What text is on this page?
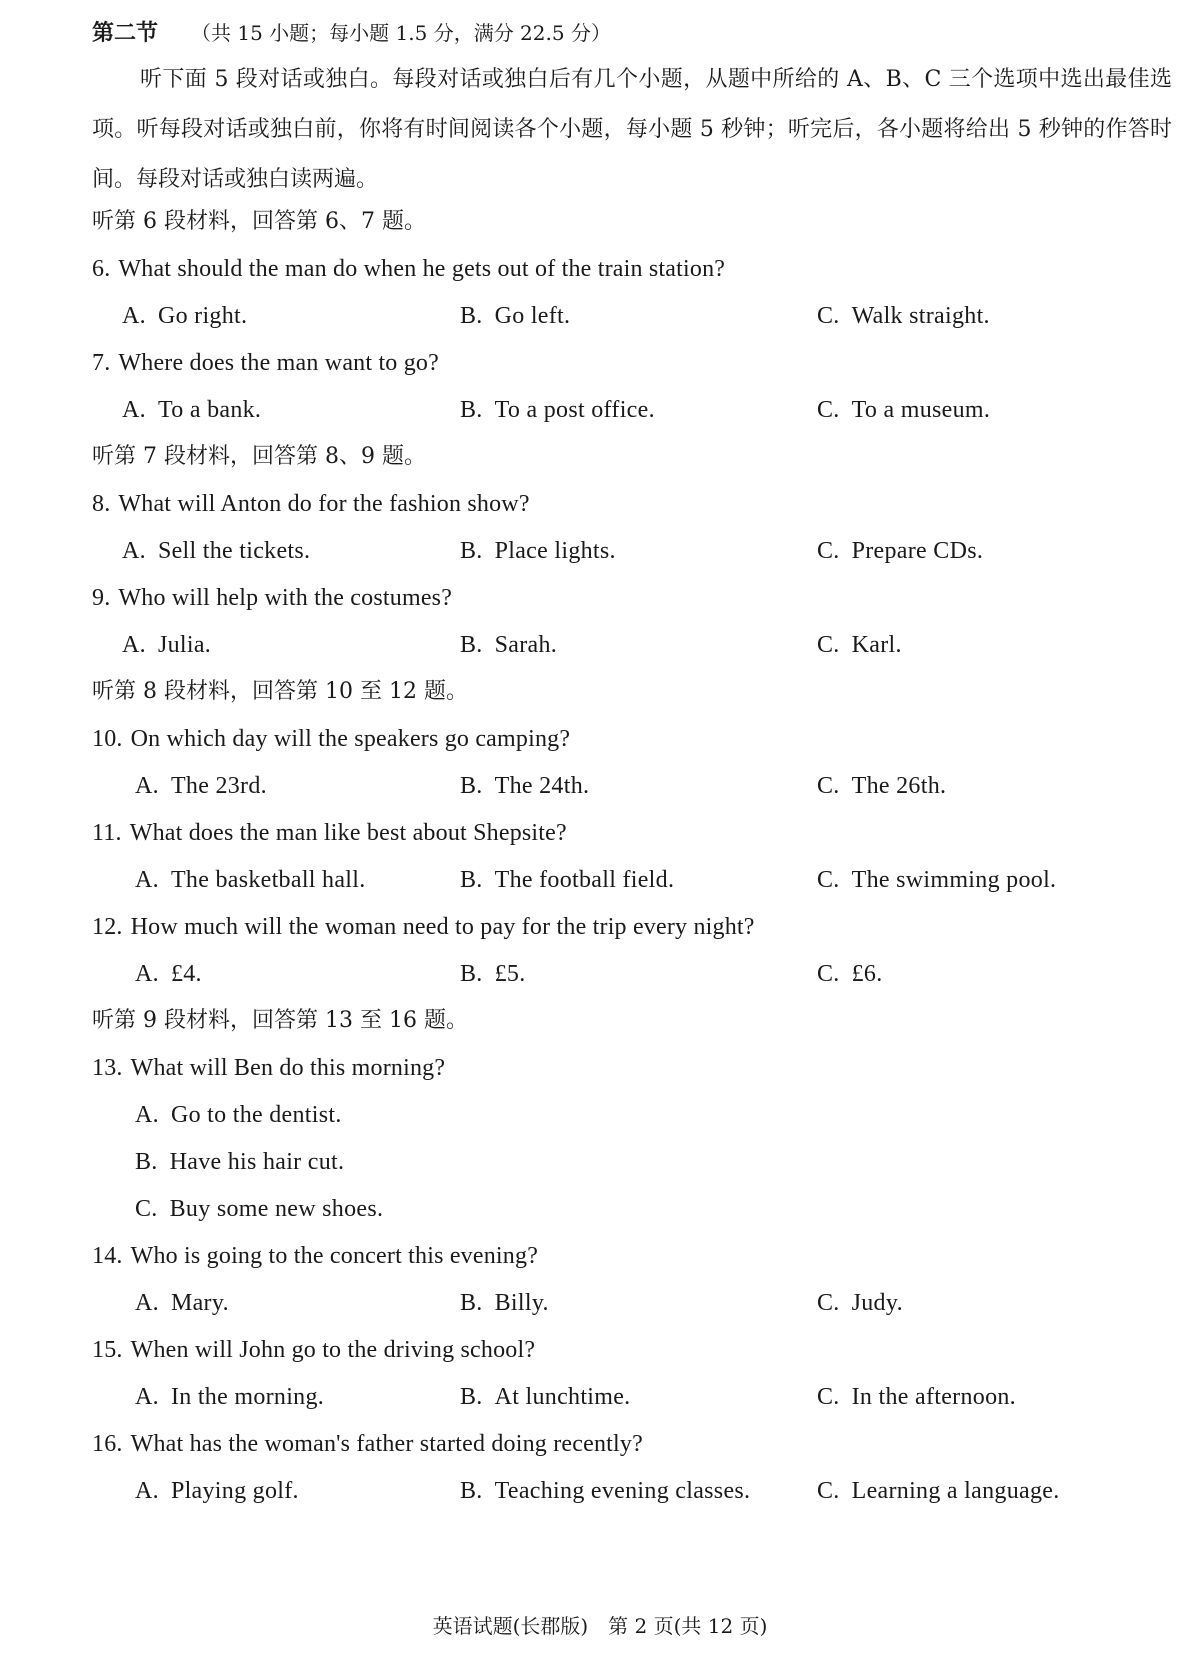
第二节 （共 15 小题；每小题 1.5 分，满分 22.5 分）
听下面 5 段对话或独白。每段对话或独白后有几个小题，从题中所给的 A、B、C 三个选项中选出最佳选项。听每段对话或独白前，你将有时间阅读各个小题，每小题 5 秒钟；听完后，各小题将给出 5 秒钟的作答时间。每段对话或独白读两遍。
听第 6 段材料，回答第 6、7 题。
6. What should the man do when he gets out of the train station?
A. Go right.	B. Go left.	C. Walk straight.
7. Where does the man want to go?
A. To a bank.	B. To a post office.	C. To a museum.
听第 7 段材料，回答第 8、9 题。
8. What will Anton do for the fashion show?
A. Sell the tickets.	B. Place lights.	C. Prepare CDs.
9. Who will help with the costumes?
A. Julia.	B. Sarah.	C. Karl.
听第 8 段材料，回答第 10 至 12 题。
10. On which day will the speakers go camping?
A. The 23rd.	B. The 24th.	C. The 26th.
11. What does the man like best about Shepsite?
A. The basketball hall.	B. The football field.	C. The swimming pool.
12. How much will the woman need to pay for the trip every night?
A. £4.	B. £5.	C. £6.
听第 9 段材料，回答第 13 至 16 题。
13. What will Ben do this morning?
A. Go to the dentist.
B. Have his hair cut.
C. Buy some new shoes.
14. Who is going to the concert this evening?
A. Mary.	B. Billy.	C. Judy.
15. When will John go to the driving school?
A. In the morning.	B. At lunchtime.	C. In the afternoon.
16. What has the woman's father started doing recently?
A. Playing golf.	B. Teaching evening classes.	C. Learning a language.
英语试题(长郡版)　第 2 页(共 12 页)
